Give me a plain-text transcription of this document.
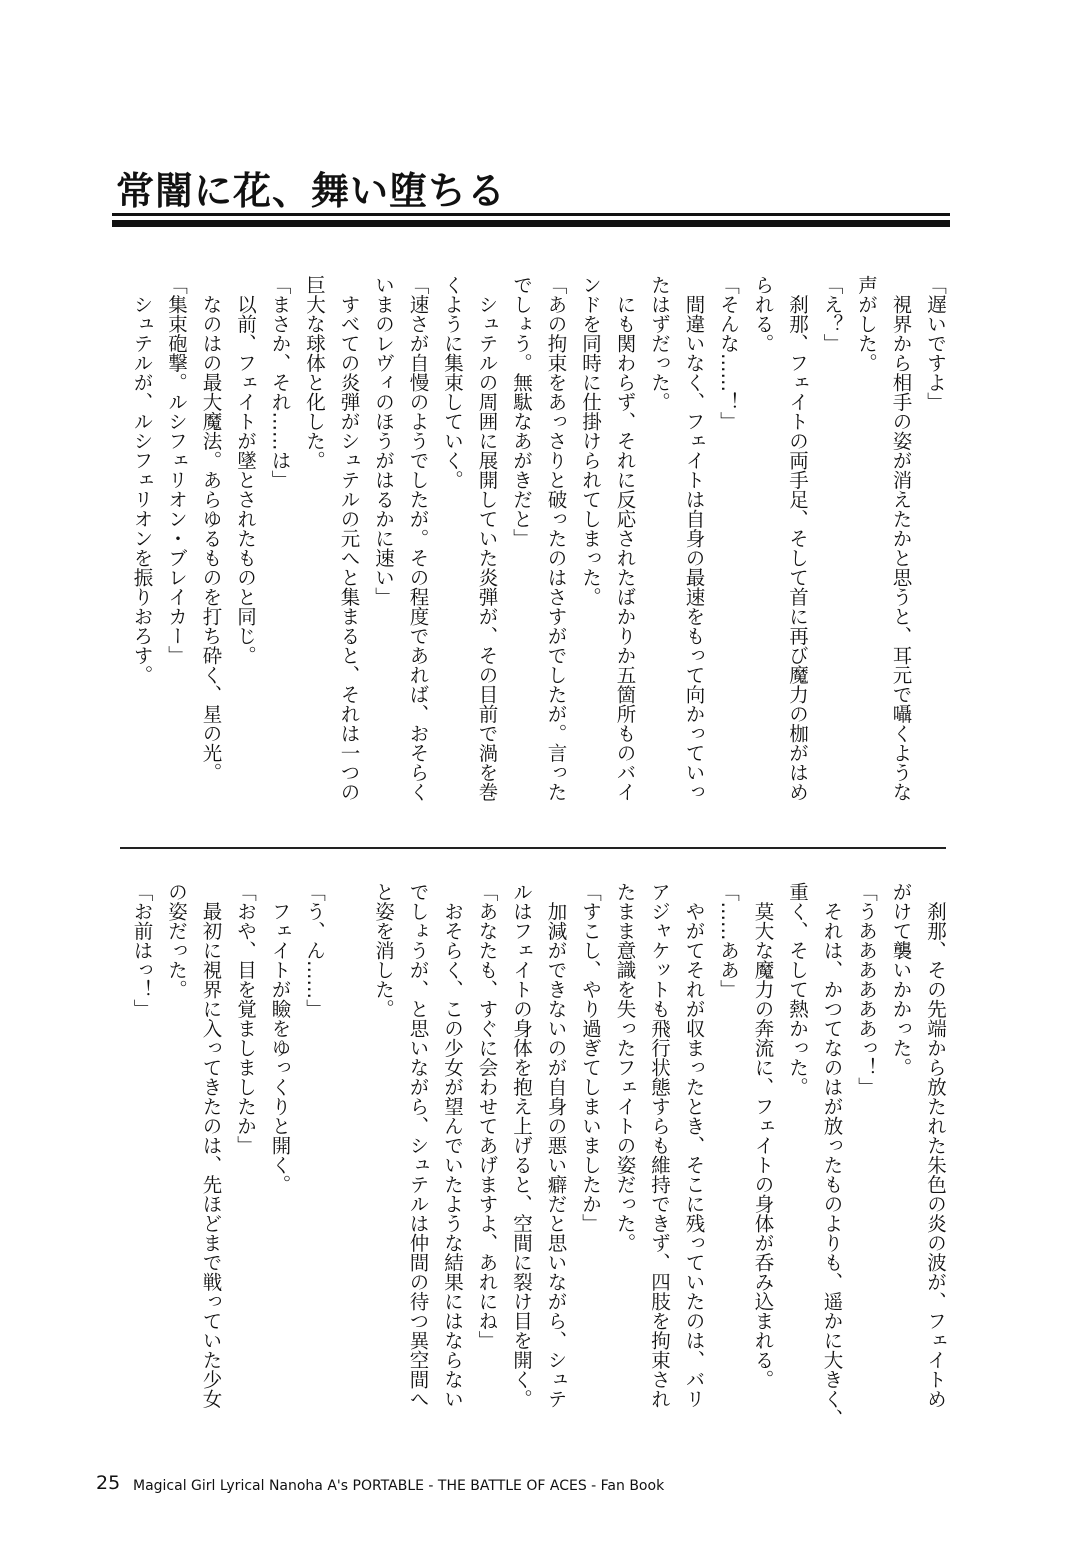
常闇に花、舞い堕ちる
「遅いですよ」
　視界から相手の姿が消えたかと思うと、耳元で囁くような
声がした。
「え？」
　刹那、フェイトの両手足、そして首に再び魔力の枷がはめ
られる。
「そんな……！」
　間違いなく、フェイトは自身の最速をもって向かっていっ
たはずだった。
　にも関わらず、それに反応されたばかりか五箇所ものバイ
ンドを同時に仕掛けられてしまった。
「あの拘束をあっさりと破ったのはさすがでしたが。言った
でしょう。無駄なあがきだと」
　シュテルの周囲に展開していた炎弾が、その目前で渦を巻
くように集束していく。
「速さが自慢のようでしたが。その程度であれば、おそらく
いまのレヴィのほうがはるかに速い」
　すべての炎弾がシュテルの元へと集まると、それは一つの
巨大な球体と化した。
「まさか、それ……は」
　以前、フェイトが墜とされたものと同じ。
　なのはの最大魔法。あらゆるものを打ち砕く、星の光。
「集束砲撃。ルシフェリオン・ブレイカー」
　シュテルが、ルシフェリオンを振りおろす。
　刹那、その先端から放たれた朱色の炎の波が、フェイトめ
がけて襲いかかった。
「うああああああっ！」
　それは、かつてなのはが放ったものよりも、遥かに大きく、
重く、そして熱かった。
　莫大な魔力の奔流に、フェイトの身体が呑み込まれる。
「……ああ」
　やがてそれが収まったとき、そこに残っていたのは、バリ
アジャケットも飛行状態すらも維持できず、四肢を拘束され
たまま意識を失ったフェイトの姿だった。
「すこし、やり過ぎてしまいましたか」
　加減ができないのが自身の悪い癖だと思いながら、シュテ
ルはフェイトの身体を抱え上げると、空間に裂け目を開く。
「あなたも、すぐに会わせてあげますよ、あれにね」
　おそらく、この少女が望んでいたような結果にはならない
でしょうが、と思いながら、シュテルは仲間の待つ異空間へ
と姿を消した。

「う、ん……」
　フェイトが瞼をゆっくりと開く。
「おや、目を覚ましましたか」
　最初に視界に入ってきたのは、先ほどまで戦っていた少女
の姿だった。
「お前はっ！」
25 Magical Girl Lyrical Nanoha A's PORTABLE - THE BATTLE OF ACES - Fan Book
